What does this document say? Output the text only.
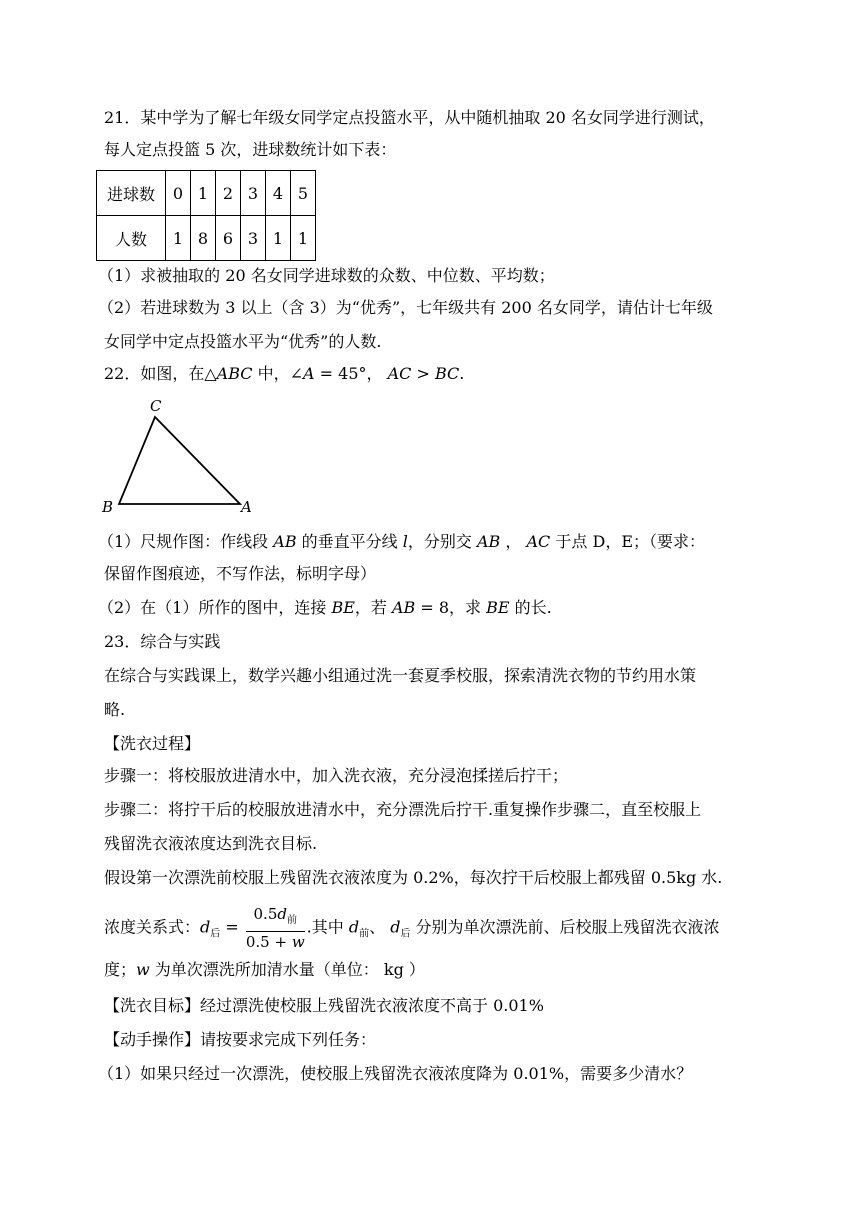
21．某中学为了解七年级女同学定点投篮水平，从中随机抽取 20 名女同学进行测试，
每人定点投篮 5 次，进球数统计如下表：
进球数	0	1	2	3	4	5
人数	1	8	6	3	1	1
（1）求被抽取的 20 名女同学进球数的众数、中位数、平均数；
（2）若进球数为 3 以上（含 3）为“优秀”，七年级共有 200 名女同学，请估计七年级
女同学中定点投篮水平为“优秀”的人数.
22．如图，在△ABC 中，∠A = 45°， AC > BC.
C
B	A
（1）尺规作图：作线段 AB 的垂直平分线 l，分别交 AB ， AC 于点 D，E；（要求：
保留作图痕迹，不写作法，标明字母）
（2）在（1）所作的图中，连接 BE，若 AB = 8，求 BE 的长.
23．综合与实践
在综合与实践课上，数学兴趣小组通过洗一套夏季校服，探索清洗衣物的节约用水策
略.
【洗衣过程】
步骤一：将校服放进清水中，加入洗衣液，充分浸泡揉搓后拧干；
步骤二：将拧干后的校服放进清水中，充分漂洗后拧干.重复操作步骤二，直至校服上
残留洗衣液浓度达到洗衣目标.
假设第一次漂洗前校服上残留洗衣液浓度为 0.2%，每次拧干后校服上都残留 0.5kg 水.
浓度关系式：$d_后 = \frac{0.5d_前}{0.5 + w}$ .其中 $d_前$、 $d_后$ 分别为单次漂洗前、后校服上残留洗衣液浓
度；w 为单次漂洗所加清水量（单位： kg ）
【洗衣目标】经过漂洗使校服上残留洗衣液浓度不高于 0.01%
【动手操作】请按要求完成下列任务：
（1）如果只经过一次漂洗，使校服上残留洗衣液浓度降为 0.01%，需要多少清水？
